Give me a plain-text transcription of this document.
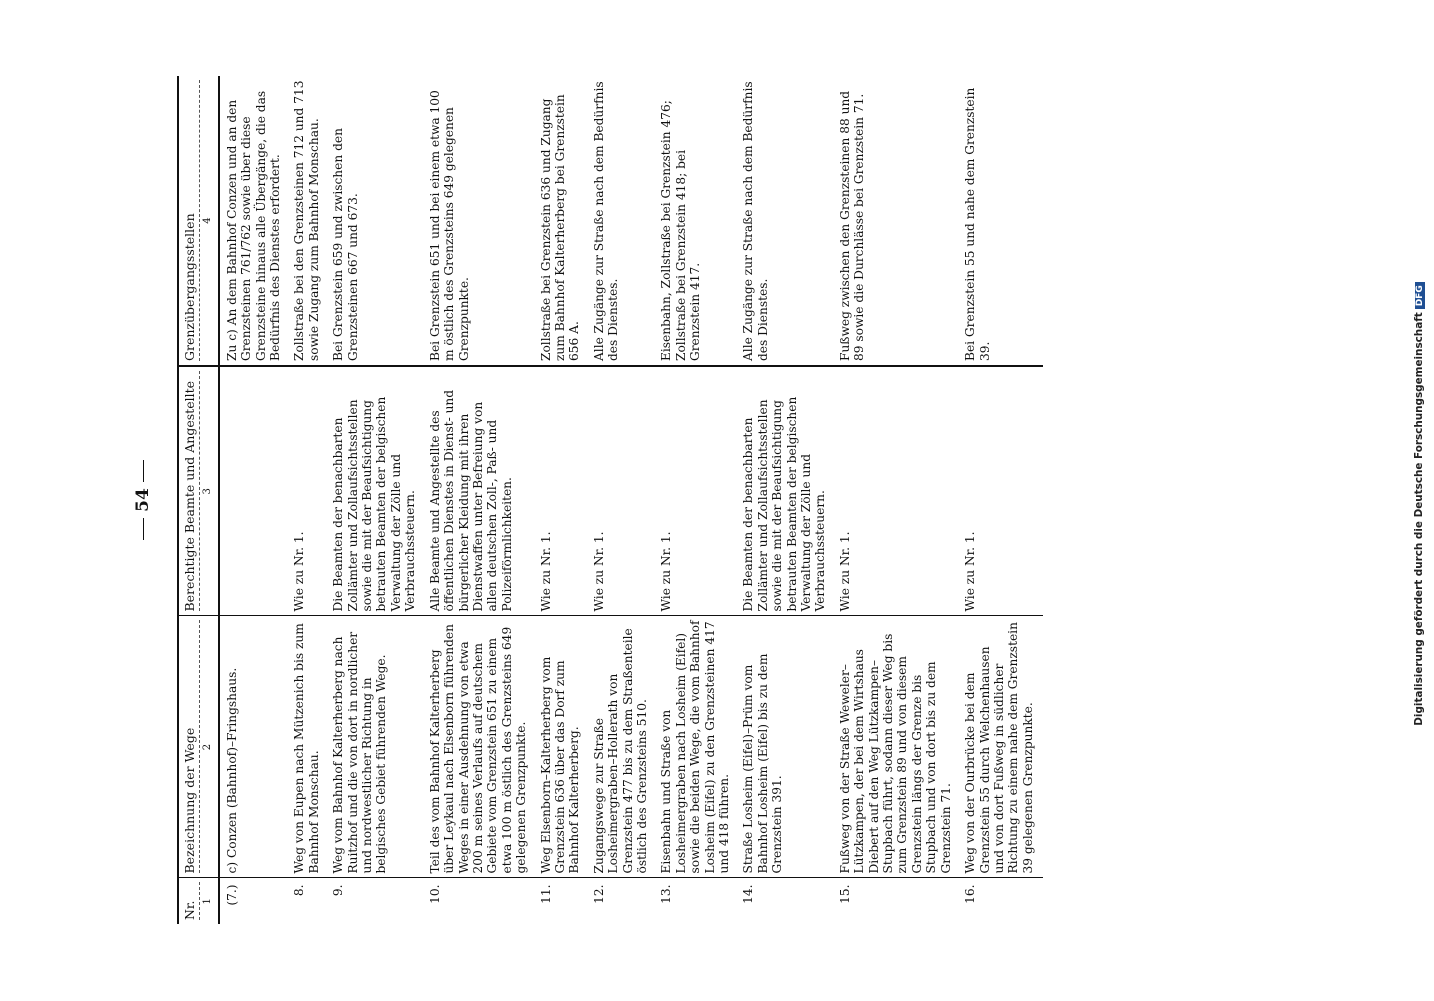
54
Nr. 1	Bezeichnung der Wege 2	Berechtigte Beamte und Angestellte 3	Grenzübergangsstellen 4

(7.)	c) Conzen (Bahnhof)–Fringshaus.		Zu c) An dem Bahnhof Conzen und an den Grenzsteinen 761/762 sowie über diese Grenzsteine hinaus alle Übergänge, die das Bedürfnis des Dienstes erfordert.
8.	Weg von Eupen nach Mützenich bis zum Bahnhof Monschau.	Wie zu Nr. 1.	Zollstraße bei den Grenzsteinen 712 und 713 sowie Zugang zum Bahnhof Monschau.
9.	Weg vom Bahnhof Kalterherberg nach Ruitzhof und die von dort in nordlicher und nordwestlicher Richtung in belgisches Gebiet führenden Wege.	Die Beamten der benachbarten Zollämter und Zollaufsichtsstellen sowie die mit der Beaufsichtigung betrauten Beamten der belgischen Verwaltung der Zölle und Verbrauchssteuern.	Bei Grenzstein 659 und zwischen den Grenzsteinen 667 und 673.
10.	Teil des vom Bahnhof Kalterherberg über Leykaul nach Elsenborn führenden Weges in einer Ausdehnung von etwa 200 m seines Verlaufs auf deutschem Gebiete vom Grenzstein 651 zu einem etwa 100 m östlich des Grenzsteins 649 gelegenen Grenzpunkte.	Alle Beamte und Angestellte des öffentlichen Dienstes in Dienst- und bürgerlicher Kleidung mit ihren Dienstwaffen unter Befreiung von allen deutschen Zoll-, Paß- und Polizeiförmlichkeiten.	Bei Grenzstein 651 und bei einem etwa 100 m östlich des Grenzsteins 649 gelegenen Grenzpunkte.
11.	Weg Elsenborn–Kalterherberg vom Grenzstein 636 über das Dorf zum Bahnhof Kalterherberg.	Wie zu Nr. 1.	Zollstraße bei Grenzstein 636 und Zugang zum Bahnhof Kalterherberg bei Grenzstein 656 A.
12.	Zugangswege zur Straße Losheimergraben–Hollerath von Grenzstein 477 bis zu dem Straßenteile östlich des Grenzsteins 510.	Wie zu Nr. 1.	Alle Zugänge zur Straße nach dem Bedürfnis des Dienstes.
13.	Eisenbahn und Straße von Losheimergraben nach Losheim (Eifel) sowie die beiden Wege, die vom Bahnhof Losheim (Eifel) zu den Grenzsteinen 417 und 418 führen.	Wie zu Nr. 1.	Eisenbahn, Zollstraße bei Grenzstein 476; Zollstraße bei Grenzstein 418; bei Grenzstein 417.
14.	Straße Losheim (Eifel)–Prüm vom Bahnhof Losheim (Eifel) bis zu dem Grenzstein 391.	Die Beamten der benachbarten Zollämter und Zollaufsichtsstellen sowie die mit der Beaufsichtigung betrauten Beamten der belgischen Verwaltung der Zölle und Verbrauchssteuern.	Alle Zugänge zur Straße nach dem Bedürfnis des Dienstes.
15.	Fußweg von der Straße Weweler–Lützkampen, der bei dem Wirtshaus Diebert auf den Weg Lützkampen–Stupbach führt, sodann dieser Weg bis zum Grenzstein 89 und von diesem Grenzstein längs der Grenze bis Stupbach und von dort bis zu dem Grenzstein 71.	Wie zu Nr. 1.	Fußweg zwischen den Grenzsteinen 88 und 89 sowie die Durchlässe bei Grenzstein 71.
16.	Weg von der Ourbrücke bei dem Grenzstein 55 durch Welchenhausen und von dort Fußweg in südlicher Richtung zu einem nahe dem Grenzstein 39 gelegenen Grenzpunkte.	Wie zu Nr. 1.	Bei Grenzstein 55 und nahe dem Grenzstein 39.	Digitalisierung gefördert durch die Deutsche ForschungsgemeinschaftDFG
